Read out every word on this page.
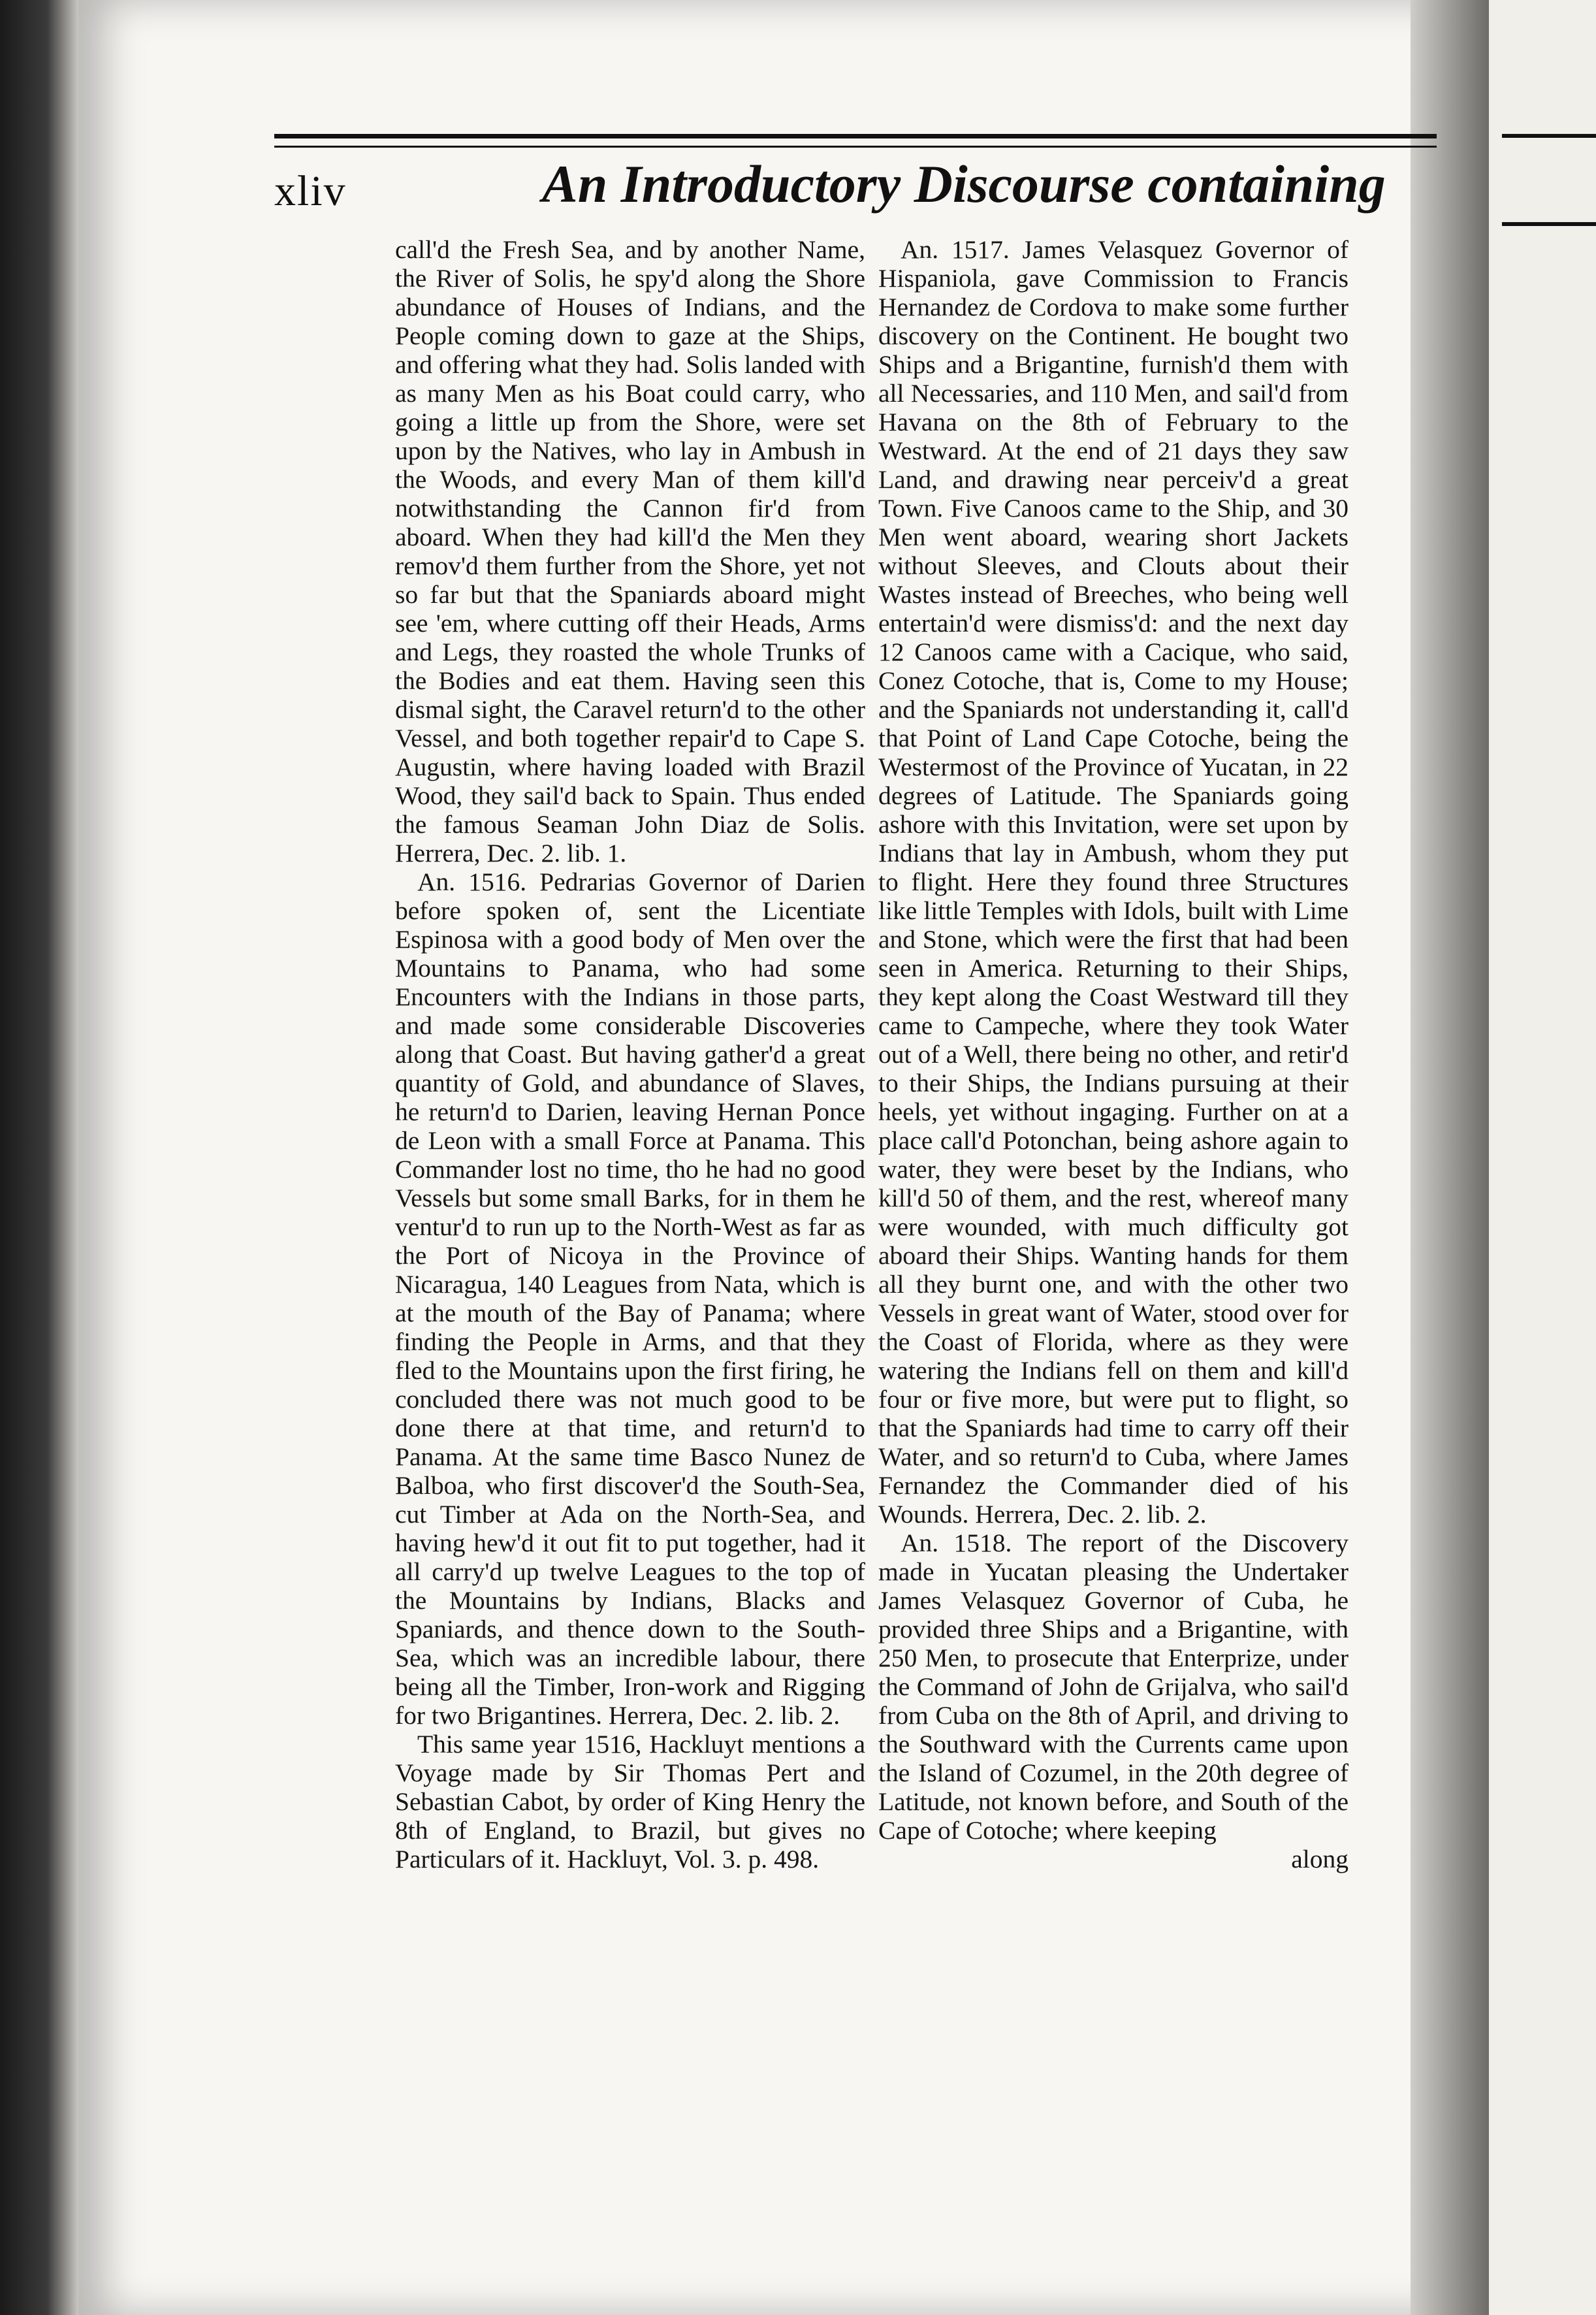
xliv	An Introductory Discourse containing

call'd the Fresh Sea, and by another Name, the River of Solis, he spy'd along the Shore abundance of Houses of Indians, and the People coming down to gaze at the Ships, and offering what they had. Solis landed with as many Men as his Boat could carry, who going a little up from the Shore, were set upon by the Natives, who lay in Ambush in the Woods, and every Man of them kill'd notwithstanding the Cannon fir'd from aboard. When they had kill'd the Men they remov'd them further from the Shore, yet not so far but that the Spaniards aboard might see 'em, where cutting off their Heads, Arms and Legs, they roasted the whole Trunks of the Bodies and eat them. Having seen this dismal sight, the Caravel return'd to the other Vessel, and both together repair'd to Cape S. Augustin, where having loaded with Brazil Wood, they sail'd back to Spain. Thus ended the famous Seaman John Diaz de Solis. Herrera, Dec. 2. lib. 1.

An. 1516. Pedrarias Governor of Darien before spoken of, sent the Licentiate Espinosa with a good body of Men over the Mountains to Panama, who had some Encounters with the Indians in those parts, and made some considerable Discoveries along that Coast. But having gather'd a great quantity of Gold, and abundance of Slaves, he return'd to Darien, leaving Hernan Ponce de Leon with a small Force at Panama. This Commander lost no time, tho he had no good Vessels but some small Barks, for in them he ventur'd to run up to the North-West as far as the Port of Nicoya in the Province of Nicaragua, 140 Leagues from Nata, which is at the mouth of the Bay of Panama; where finding the People in Arms, and that they fled to the Mountains upon the first firing, he concluded there was not much good to be done there at that time, and return'd to Panama. At the same time Basco Nunez de Balboa, who first discover'd the South-Sea, cut Timber at Ada on the North-Sea, and having hew'd it out fit to put together, had it all carry'd up twelve Leagues to the top of the Mountains by Indians, Blacks and Spaniards, and thence down to the South-Sea, which was an incredible labour, there being all the Timber, Iron-work and Rigging for two Brigantines. Herrera, Dec. 2. lib. 2.

This same year 1516, Hackluyt mentions a Voyage made by Sir Thomas Pert and Sebastian Cabot, by order of King Henry the 8th of England, to Brazil, but gives no Particulars of it. Hackluyt, Vol. 3. p. 498.

An. 1517. James Velasquez Governor of Hispaniola, gave Commission to Francis Hernandez de Cordova to make some further discovery on the Continent. He bought two Ships and a Brigantine, furnish'd them with all Necessaries, and 110 Men, and sail'd from Havana on the 8th of February to the Westward. At the end of 21 days they saw Land, and drawing near perceiv'd a great Town. Five Canoos came to the Ship, and 30 Men went aboard, wearing short Jackets without Sleeves, and Clouts about their Wastes instead of Breeches, who being well entertain'd were dismiss'd: and the next day 12 Canoos came with a Cacique, who said, Conez Cotoche, that is, Come to my House; and the Spaniards not understanding it, call'd that Point of Land Cape Cotoche, being the Westermost of the Province of Yucatan, in 22 degrees of Latitude. The Spaniards going ashore with this Invitation, were set upon by Indians that lay in Ambush, whom they put to flight. Here they found three Structures like little Temples with Idols, built with Lime and Stone, which were the first that had been seen in America. Returning to their Ships, they kept along the Coast Westward till they came to Campeche, where they took Water out of a Well, there being no other, and retir'd to their Ships, the Indians pursuing at their heels, yet without ingaging. Further on at a place call'd Potonchan, being ashore again to water, they were beset by the Indians, who kill'd 50 of them, and the rest, whereof many were wounded, with much difficulty got aboard their Ships. Wanting hands for them all they burnt one, and with the other two Vessels in great want of Water, stood over for the Coast of Florida, where as they were watering the Indians fell on them and kill'd four or five more, but were put to flight, so that the Spaniards had time to carry off their Water, and so return'd to Cuba, where James Fernandez the Commander died of his Wounds. Herrera, Dec. 2. lib. 2.

An. 1518. The report of the Discovery made in Yucatan pleasing the Undertaker James Velasquez Governor of Cuba, he provided three Ships and a Brigantine, with 250 Men, to prosecute that Enterprize, under the Command of John de Grijalva, who sail'd from Cuba on the 8th of April, and driving to the Southward with the Currents came upon the Island of Cozumel, in the 20th degree of Latitude, not known before, and South of the Cape of Cotoche; where keeping

along
